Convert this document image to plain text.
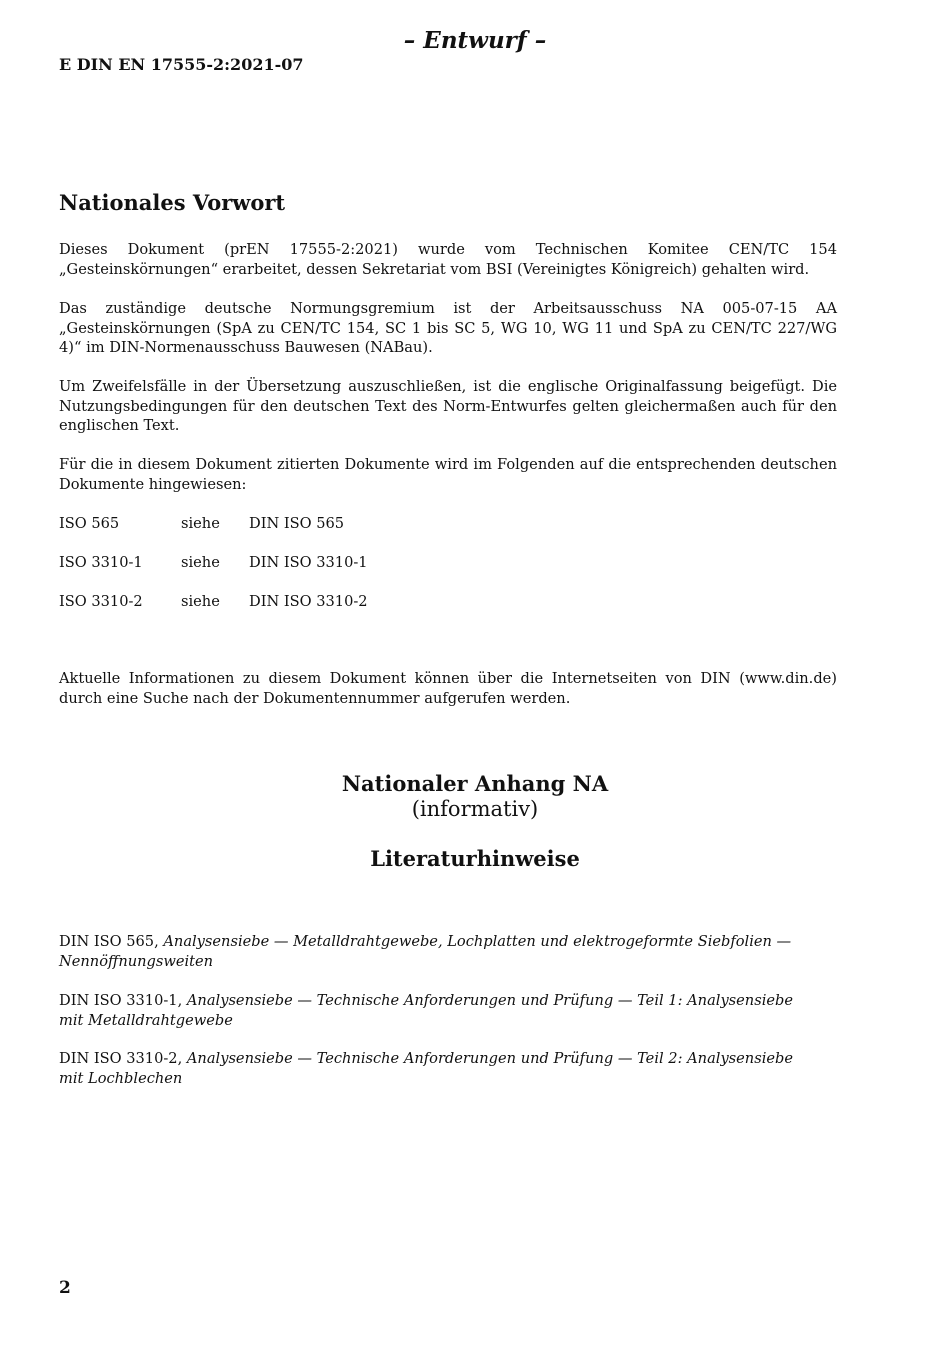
– Entwurf –
E DIN EN 17555-2:2021-07
Nationales Vorwort

Dieses Dokument (prEN 17555-2:2021) wurde vom Technischen Komitee CEN/TC 154 „Gesteinskörnungen“ erarbeitet, dessen Sekretariat vom BSI (Vereinigtes Königreich) gehalten wird.

Das zuständige deutsche Normungsgremium ist der Arbeitsausschuss NA 005-07-15 AA „Gesteinskörnungen (SpA zu CEN/TC 154, SC 1 bis SC 5, WG 10, WG 11 und SpA zu CEN/TC 227/WG 4)“ im DIN-Normenausschuss Bauwesen (NABau).

Um Zweifelsfälle in der Übersetzung auszuschließen, ist die englische Originalfassung beigefügt. Die Nutzungsbedingungen für den deutschen Text des Norm-Entwurfes gelten gleichermaßen auch für den englischen Text.

Für die in diesem Dokument zitierten Dokumente wird im Folgenden auf die entsprechenden deutschen Dokumente hingewiesen:

ISO 565	siehe DIN ISO 565
ISO 3310-1	siehe DIN ISO 3310-1
ISO 3310-2	siehe DIN ISO 3310-2

Aktuelle Informationen zu diesem Dokument können über die Internetseiten von DIN (www.din.de) durch eine Suche nach der Dokumentennummer aufgerufen werden.

Nationaler Anhang NA
(informativ)
Literaturhinweise

DIN ISO 565, Analysensiebe — Metalldrahtgewebe, Lochplatten und elektrogeformte Siebfolien — Nennöffnungsweiten

DIN ISO 3310-1, Analysensiebe — Technische Anforderungen und Prüfung — Teil 1: Analysensiebe mit Metalldrahtgewebe

DIN ISO 3310-2, Analysensiebe — Technische Anforderungen und Prüfung — Teil 2: Analysensiebe mit Lochblechen

2
